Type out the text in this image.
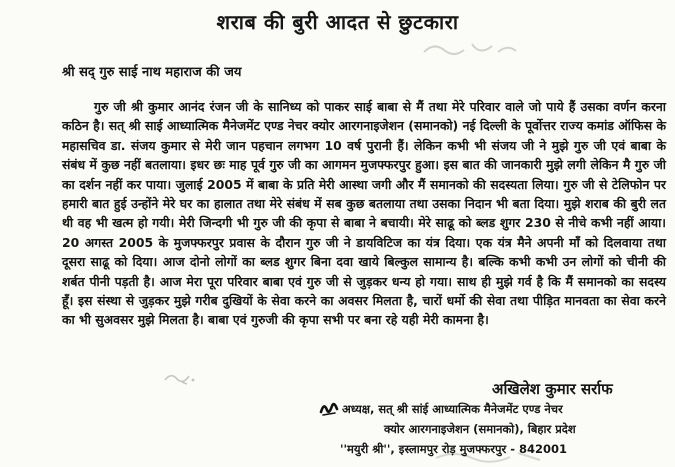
शराब की बुरी आदत से छुटकारा
श्री सद् गुरु साई नाथ महाराज की जय

गुरु जी श्री कुमार आनंद रंजन जी के सानिध्य को पाकर साई बाबा से मैं तथा मेरे परिवार वाले जो पाये हैं उसका वर्णन करना कठिन है। सत् श्री साई आध्यात्मिक मैनेजमेंट एण्ड नेचर क्योर आरगनाइजेशन (समानको) नई दिल्ली के पूर्वोत्तर राज्य कमांड ऑफिस के महासचिव डा. संजय कुमार से मेरी जान पहचान लगभग 10 वर्ष पुरानी हैं। लेकिन कभी भी संजय जी ने मुझे गुरु जी एवं बाबा के संबंध में कुछ नहीं बतलाया। इधर छः माह पूर्व गुरु जी का आगमन मुजफ्फरपुर हुआ। इस बात की जानकारी मुझे लगी लेकिन मै गुरु जी का दर्शन नहीं कर पाया। जुलाई 2005 में बाबा के प्रति मेरी आस्था जगी और मैं समानको की सदस्यता लिया। गुरु जी से टेलिफोन पर हमारी बात हुई उन्होंने मेरे घर का हालात तथा मेरे संबंध में सब कुछ बतलाया तथा उसका निदान भी बता दिया। मुझे शराब की बुरी लत थी वह भी खत्म हो गयी। मेरी जिन्दगी भी गुरु जी की कृपा से बाबा ने बचायी। मेरे साढू को ब्लड शुगर 230 से नीचे कभी नहीं आया। 20 अगस्त 2005 के मुजफ्फरपुर प्रवास के दौरान गुरु जी ने डायविटिज का यंत्र दिया। एक यंत्र मैने अपनी माँ को दिलवाया तथा दूसरा साढू को दिया। आज दोनो लोगों का ब्लड शुगर बिना दवा खाये बिल्कुल सामान्य है। बल्कि कभी कभी उन लोगों को चीनी की शर्बत पीनी पड़ती है। आज मेरा पूरा परिवार बाबा एवं गुरु जी से जुड़कर धन्य हो गया। साथ ही मुझे गर्व है कि मैं समानको का सदस्य हूँ। इस संस्था से जुड़कर मुझे गरीब दुखियों के सेवा करने का अवसर मिलता है, चारों धर्मो की सेवा तथा पीड़ित मानवता का सेवा करने का भी सुअवसर मुझे मिलता है। बाबा एवं गुरुजी की कृपा सभी पर बना रहे यही मेरी कामना है।

अखिलेश कुमार सर्राफ
अध्यक्ष, सत् श्री सांई आध्यात्मिक मैनेजमेंट एण्ड नेचर
क्योर आरगनाइजेशन (समानको), बिहार प्रदेश
''मयुरी श्री'', इस्लामपुर रोड़ मुजफ्फरपुर - 842001
